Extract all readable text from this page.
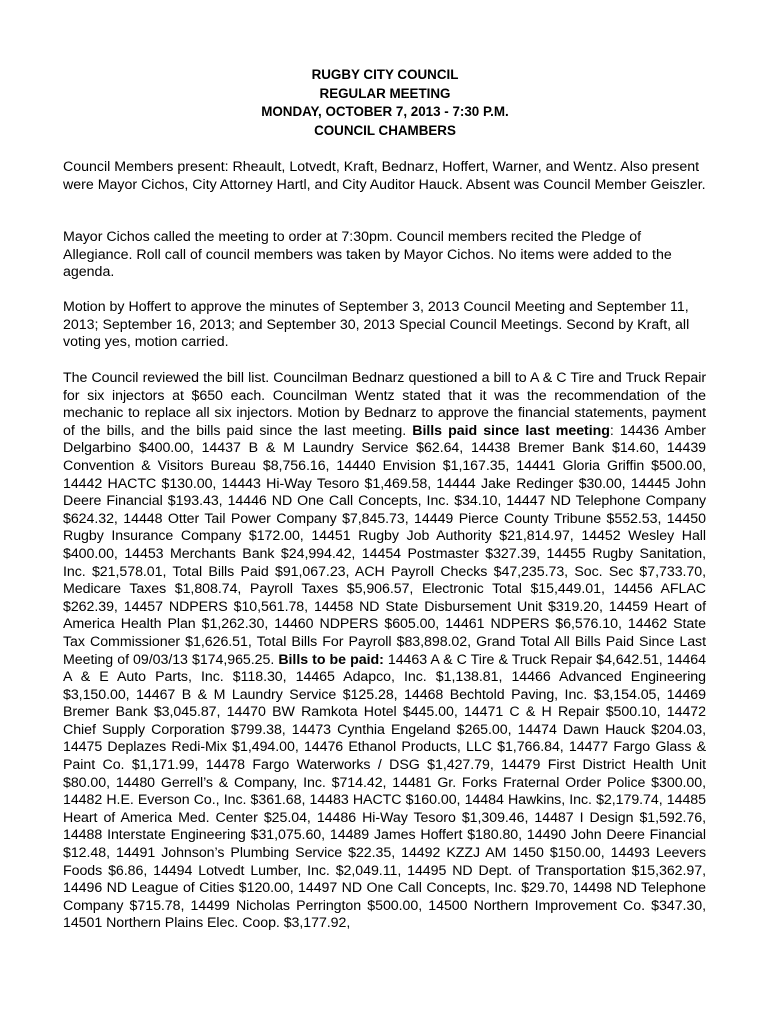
RUGBY CITY COUNCIL
REGULAR MEETING
MONDAY, OCTOBER 7, 2013 - 7:30 P.M.
COUNCIL CHAMBERS

Council Members present: Rheault, Lotvedt, Kraft, Bednarz, Hoffert, Warner, and Wentz. Also present were Mayor Cichos, City Attorney Hartl, and City Auditor Hauck. Absent was Council Member Geiszler.

Mayor Cichos called the meeting to order at 7:30pm. Council members recited the Pledge of Allegiance. Roll call of council members was taken by Mayor Cichos. No items were added to the agenda.

Motion by Hoffert to approve the minutes of September 3, 2013 Council Meeting and September 11, 2013; September 16, 2013; and September 30, 2013 Special Council Meetings. Second by Kraft, all voting yes, motion carried.

The Council reviewed the bill list. Councilman Bednarz questioned a bill to A & C Tire and Truck Repair for six injectors at $650 each. Councilman Wentz stated that it was the recommendation of the mechanic to replace all six injectors. Motion by Bednarz to approve the financial statements, payment of the bills, and the bills paid since the last meeting. Bills paid since last meeting: 14436 Amber Delgarbino $400.00, 14437 B & M Laundry Service $62.64, 14438 Bremer Bank $14.60, 14439 Convention & Visitors Bureau $8,756.16, 14440 Envision $1,167.35, 14441 Gloria Griffin $500.00, 14442 HACTC $130.00, 14443 Hi-Way Tesoro $1,469.58, 14444 Jake Redinger $30.00, 14445 John Deere Financial $193.43, 14446 ND One Call Concepts, Inc. $34.10, 14447 ND Telephone Company $624.32, 14448 Otter Tail Power Company $7,845.73, 14449 Pierce County Tribune $552.53, 14450 Rugby Insurance Company $172.00, 14451 Rugby Job Authority $21,814.97, 14452 Wesley Hall $400.00, 14453 Merchants Bank $24,994.42, 14454 Postmaster $327.39, 14455 Rugby Sanitation, Inc. $21,578.01, Total Bills Paid $91,067.23, ACH Payroll Checks $47,235.73, Soc. Sec $7,733.70, Medicare Taxes $1,808.74, Payroll Taxes $5,906.57, Electronic Total $15,449.01, 14456 AFLAC $262.39, 14457 NDPERS $10,561.78, 14458 ND State Disbursement Unit $319.20, 14459 Heart of America Health Plan $1,262.30, 14460 NDPERS $605.00, 14461 NDPERS $6,576.10, 14462 State Tax Commissioner $1,626.51, Total Bills For Payroll $83,898.02, Grand Total All Bills Paid Since Last Meeting of 09/03/13 $174,965.25. Bills to be paid: 14463 A & C Tire & Truck Repair $4,642.51, 14464 A & E Auto Parts, Inc. $118.30, 14465 Adapco, Inc. $1,138.81, 14466 Advanced Engineering $3,150.00, 14467 B & M Laundry Service $125.28, 14468 Bechtold Paving, Inc. $3,154.05, 14469 Bremer Bank $3,045.87, 14470 BW Ramkota Hotel $445.00, 14471 C & H Repair $500.10, 14472 Chief Supply Corporation $799.38, 14473 Cynthia Engeland $265.00, 14474 Dawn Hauck $204.03, 14475 Deplazes Redi-Mix $1,494.00, 14476 Ethanol Products, LLC $1,766.84, 14477 Fargo Glass & Paint Co. $1,171.99, 14478 Fargo Waterworks / DSG $1,427.79, 14479 First District Health Unit $80.00, 14480 Gerrell’s & Company, Inc. $714.42, 14481 Gr. Forks Fraternal Order Police $300.00, 14482 H.E. Everson Co., Inc. $361.68, 14483 HACTC $160.00, 14484 Hawkins, Inc. $2,179.74, 14485 Heart of America Med. Center $25.04, 14486 Hi-Way Tesoro $1,309.46, 14487 I Design $1,592.76, 14488 Interstate Engineering $31,075.60, 14489 James Hoffert $180.80, 14490 John Deere Financial $12.48, 14491 Johnson’s Plumbing Service $22.35, 14492 KZZJ AM 1450 $150.00, 14493 Leevers Foods $6.86, 14494 Lotvedt Lumber, Inc. $2,049.11, 14495 ND Dept. of Transportation $15,362.97, 14496 ND League of Cities $120.00, 14497 ND One Call Concepts, Inc. $29.70, 14498 ND Telephone Company $715.78, 14499 Nicholas Perrington $500.00, 14500 Northern Improvement Co. $347.30, 14501 Northern Plains Elec. Coop. $3,177.92,
